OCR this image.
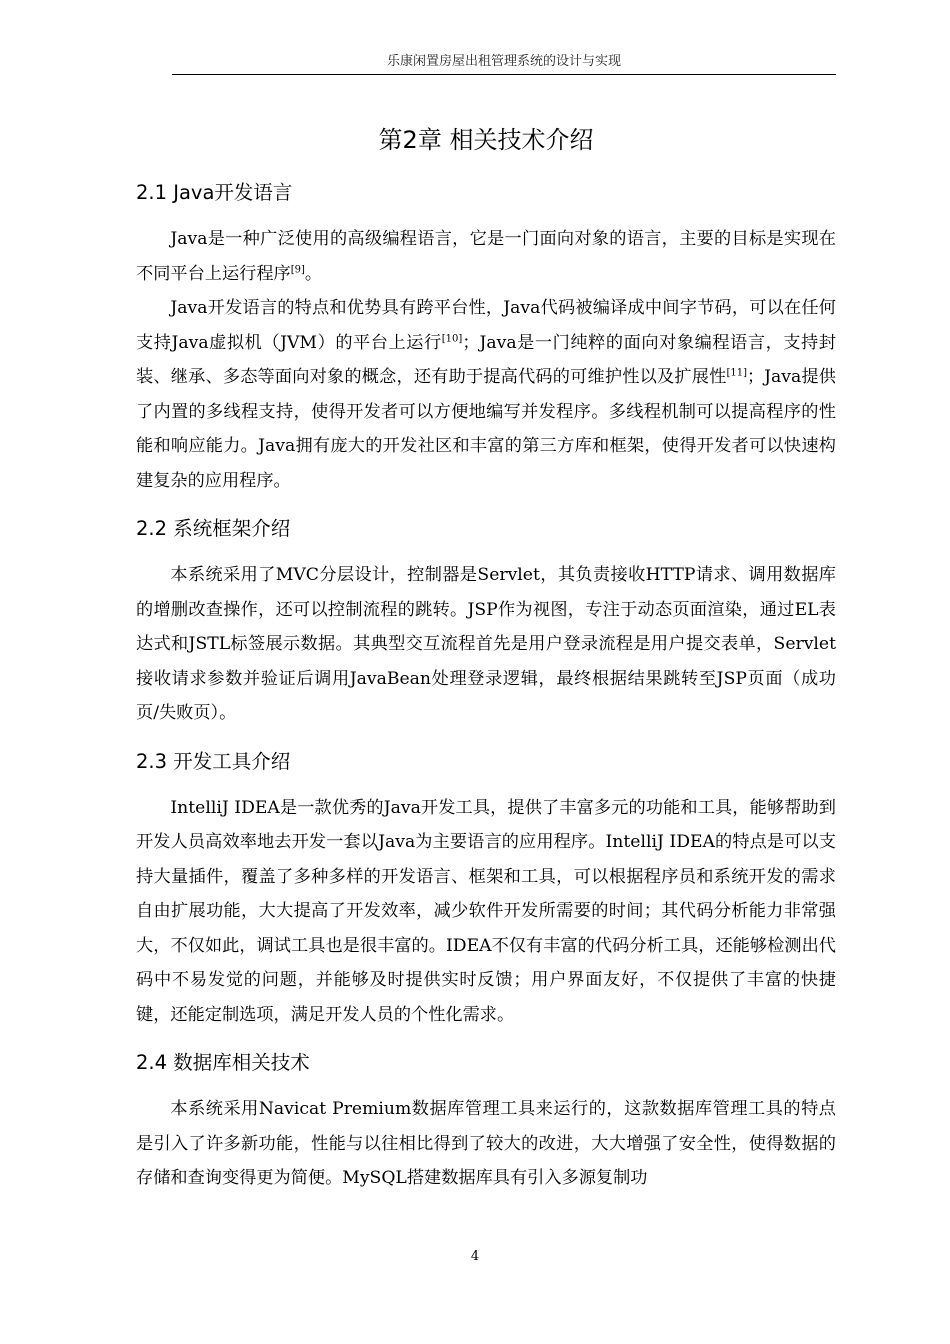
乐康闲置房屋出租管理系统的设计与实现
第2章 相关技术介绍
2.1 Java开发语言

Java是一种广泛使用的高级编程语言，它是一门面向对象的语言，主要的目标是实现在不同平台上运行程序[9]。

Java开发语言的特点和优势具有跨平台性，Java代码被编译成中间字节码，可以在任何支持Java虚拟机（JVM）的平台上运行[10]；Java是一门纯粹的面向对象编程语言，支持封装、继承、多态等面向对象的概念，还有助于提高代码的可维护性以及扩展性[11]；Java提供了内置的多线程支持，使得开发者可以方便地编写并发程序。多线程机制可以提高程序的性能和响应能力。Java拥有庞大的开发社区和丰富的第三方库和框架，使得开发者可以快速构建复杂的应用程序。

2.2 系统框架介绍

本系统采用了MVC分层设计，控制器是Servlet，其负责接收HTTP请求、调用数据库的增删改查操作，还可以控制流程的跳转。JSP作为视图，专注于动态页面渲染，通过EL表达式和JSTL标签展示数据。其典型交互流程首先是用户登录流程是用户提交表单，Servlet接收请求参数并验证后调用JavaBean处理登录逻辑，最终根据结果跳转至JSP页面（成功页/失败页）。

2.3 开发工具介绍

IntelliJ IDEA是一款优秀的Java开发工具，提供了丰富多元的功能和工具，能够帮助到开发人员高效率地去开发一套以Java为主要语言的应用程序。IntelliJ IDEA的特点是可以支持大量插件，覆盖了多种多样的开发语言、框架和工具，可以根据程序员和系统开发的需求自由扩展功能，大大提高了开发效率，减少软件开发所需要的时间；其代码分析能力非常强大，不仅如此，调试工具也是很丰富的。IDEA不仅有丰富的代码分析工具，还能够检测出代码中不易发觉的问题，并能够及时提供实时反馈；用户界面友好，不仅提供了丰富的快捷键，还能定制选项，满足开发人员的个性化需求。

2.4 数据库相关技术

本系统采用Navicat Premium数据库管理工具来运行的，这款数据库管理工具的特点是引入了许多新功能，性能与以往相比得到了较大的改进，大大增强了安全性，使得数据的存储和查询变得更为简便。MySQL搭建数据库具有引入多源复制功

4
